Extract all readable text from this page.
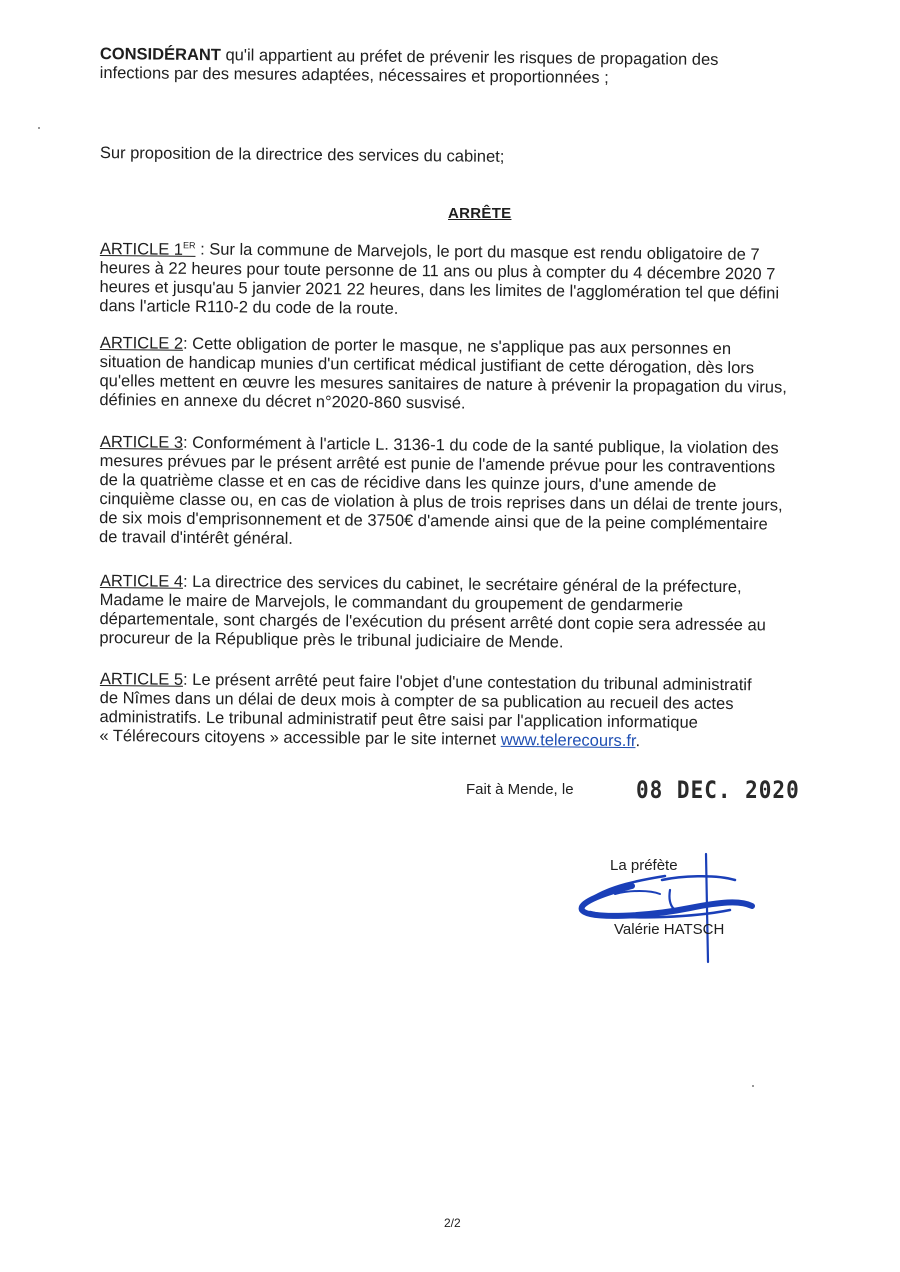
CONSIDÉRANT qu'il appartient au préfet de prévenir les risques de propagation des
infections par des mesures adaptées, nécessaires et proportionnées ;
Sur proposition de la directrice des services du cabinet;
ARRÊTE
ARTICLE 1ER : Sur la commune de Marvejols, le port du masque est rendu obligatoire de 7
heures à 22 heures pour toute personne de 11 ans ou plus à compter du 4 décembre 2020 7
heures et jusqu'au 5 janvier 2021 22 heures, dans les limites de l'agglomération tel que défini
dans l'article R110-2 du code de la route.
ARTICLE 2: Cette obligation de porter le masque, ne s'applique pas aux personnes en
situation de handicap munies d'un certificat médical justifiant de cette dérogation, dès lors
qu'elles mettent en œuvre les mesures sanitaires de nature à prévenir la propagation du virus,
définies en annexe du décret n°2020-860 susvisé.
ARTICLE 3: Conformément à l'article L. 3136-1 du code de la santé publique, la violation des
mesures prévues par le présent arrêté est punie de l'amende prévue pour les contraventions
de la quatrième classe et en cas de récidive dans les quinze jours, d'une amende de
cinquième classe ou, en cas de violation à plus de trois reprises dans un délai de trente jours,
de six mois d'emprisonnement et de 3750€ d'amende ainsi que de la peine complémentaire
de travail d'intérêt général.
ARTICLE 4: La directrice des services du cabinet, le secrétaire général de la préfecture,
Madame le maire de Marvejols, le commandant du groupement de gendarmerie
départementale, sont chargés de l'exécution du présent arrêté dont copie sera adressée au
procureur de la République près le tribunal judiciaire de Mende.
ARTICLE 5: Le présent arrêté peut faire l'objet d'une contestation du tribunal administratif
de Nîmes dans un délai de deux mois à compter de sa publication au recueil des actes
administratifs. Le tribunal administratif peut être saisi par l'application informatique
« Télérecours citoyens » accessible par le site internet www.telerecours.fr.
Fait à Mende, le	08 DEC. 2020
La préfète
Valérie HATSCH
2/2
